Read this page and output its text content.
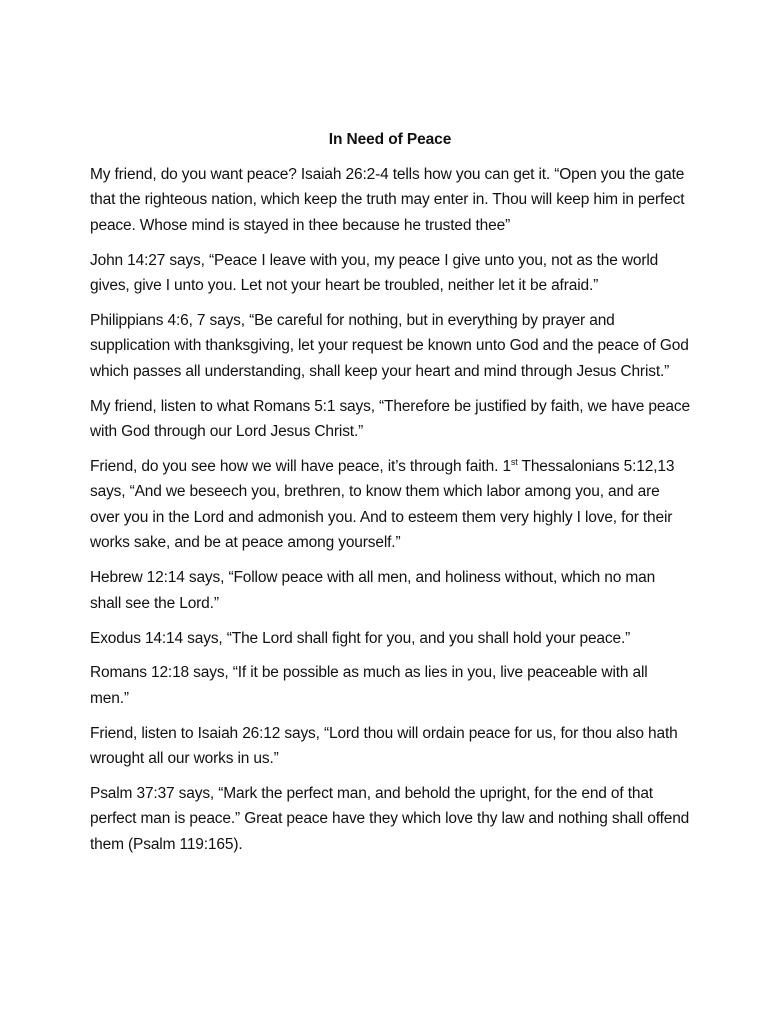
In Need of Peace

My friend, do you want peace? Isaiah 26:2-4 tells how you can get it. “Open you the gate that the righteous nation, which keep the truth may enter in. Thou will keep him in perfect peace. Whose mind is stayed in thee because he trusted thee”

John 14:27 says, “Peace I leave with you, my peace I give unto you, not as the world gives, give I unto you. Let not your heart be troubled, neither let it be afraid.”

Philippians 4:6, 7 says, “Be careful for nothing, but in everything by prayer and supplication with thanksgiving, let your request be known unto God and the peace of God which passes all understanding, shall keep your heart and mind through Jesus Christ.”

My friend, listen to what Romans 5:1 says, “Therefore be justified by faith, we have peace with God through our Lord Jesus Christ.”

Friend, do you see how we will have peace, it’s through faith. 1st Thessalonians 5:12,13 says, “And we beseech you, brethren, to know them which labor among you, and are over you in the Lord and admonish you. And to esteem them very highly I love, for their works sake, and be at peace among yourself.”

Hebrew 12:14 says, “Follow peace with all men, and holiness without, which no man shall see the Lord.”

Exodus 14:14 says, “The Lord shall fight for you, and you shall hold your peace.”

Romans 12:18 says, “If it be possible as much as lies in you, live peaceable with all men.”

Friend, listen to Isaiah 26:12 says, “Lord thou will ordain peace for us, for thou also hath wrought all our works in us.”

Psalm 37:37 says, “Mark the perfect man, and behold the upright, for the end of that perfect man is peace.” Great peace have they which love thy law and nothing shall offend them (Psalm 119:165).
